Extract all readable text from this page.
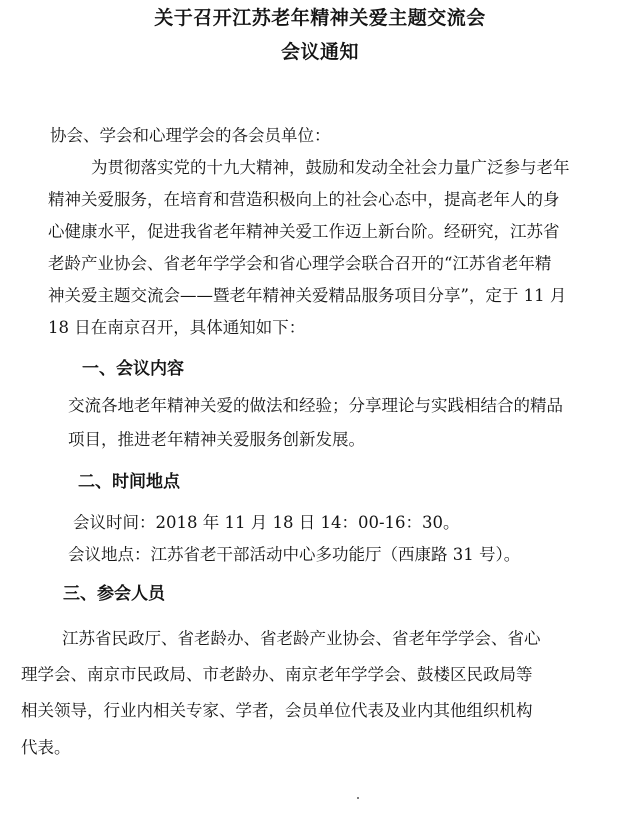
关于召开江苏老年精神关爱主题交流会
会议通知
协会、学会和心理学会的各会员单位：
为贯彻落实党的十九大精神，鼓励和发动全社会力量广泛参与老年
精神关爱服务，在培育和营造积极向上的社会心态中，提高老年人的身
心健康水平，促进我省老年精神关爱工作迈上新台阶。经研究，江苏省
老龄产业协会、省老年学学会和省心理学会联合召开的“江苏省老年精
神关爱主题交流会——暨老年精神关爱精品服务项目分享”，定于 11 月
18 日在南京召开，具体通知如下：
一、会议内容
交流各地老年精神关爱的做法和经验；分享理论与实践相结合的精品
项目，推进老年精神关爱服务创新发展。
二、时间地点
会议时间：2018 年 11 月 18 日 14：00-16：30。
会议地点：江苏省老干部活动中心多功能厅（西康路 31 号）。
三、参会人员
江苏省民政厅、省老龄办、省老龄产业协会、省老年学学会、省心
理学会、南京市民政局、市老龄办、南京老年学学会、鼓楼区民政局等
相关领导，行业内相关专家、学者，会员单位代表及业内其他组织机构
代表。
